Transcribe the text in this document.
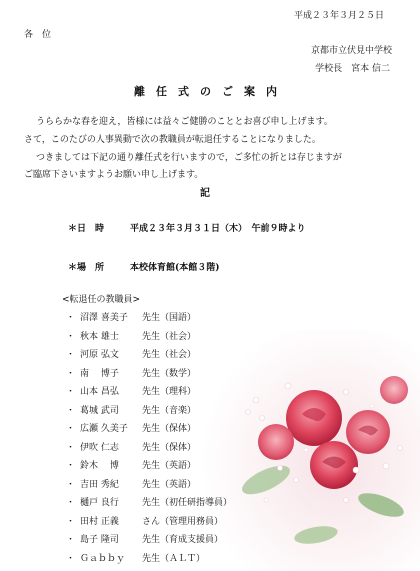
平成２３年３月２５日
各　位
京都市立伏見中学校
学校長　宮本 信二
離　任　式　の　ご　案　内
うららかな春を迎え，皆様には益々ご健勝のこととお喜び申し上げます。
さて，このたびの人事異動で次の教職員が転退任することになりました。
つきましては下記の通り離任式を行いますので，ご多忙の折とは存じますが
ご臨席下さいますようお願い申し上げます。
記
＊日　時	平成２３年３月３１日（木）　午前９時より
＊場　所	本校体育館(本館３階)
<転退任の教職員>
・ 沼澤 喜美子 先生（国語）
・ 秋本 雄士	先生（社会）
・ 河原 弘文	先生（社会）
・ 南　 博子	先生（数学）
・ 山本 昌弘	先生（理科）
・ 葛城 武司	先生（音楽）
・ 広瀬 久美子 先生（保体）
・ 伊吹 仁志	先生（保体）
・ 鈴木　 博	先生（英語）
・ 吉田 秀紀	先生（英語）
・ 樋戸 良行	先生（初任研指導員）
・ 田村 正義	さん（管理用務員）
・ 島子 隆司	先生（育成支援員）
・ Ｇａｂｂｙ 先生（ＡＬＴ）
